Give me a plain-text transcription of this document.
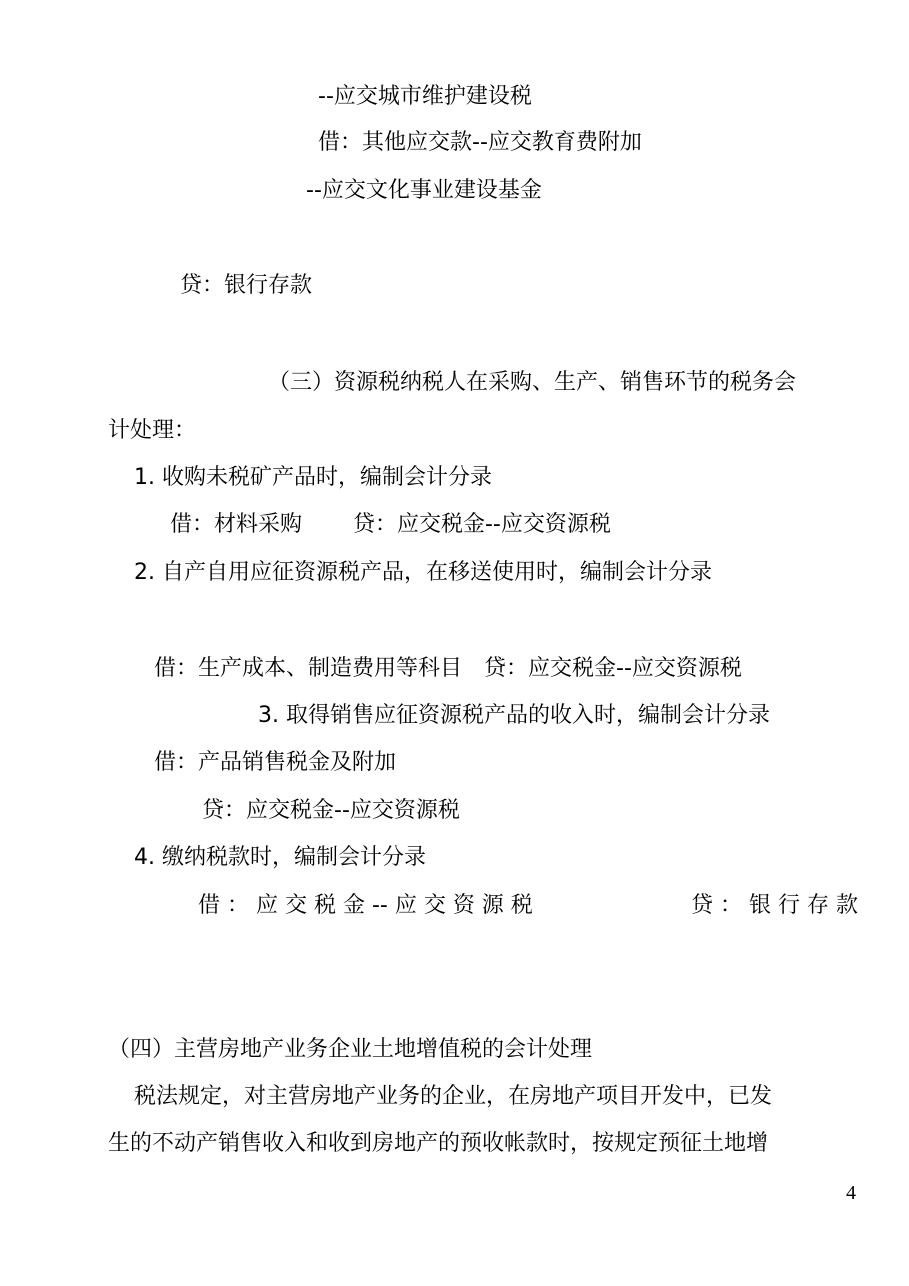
--应交城市维护建设税

借：其他应交款--应交教育费附加

--应交文化事业建设基金

贷：银行存款

（三）资源税纳税人在采购、生产、销售环节的税务会

计处理：

1. 收购未税矿产品时，编制会计分录

借：材料采购　　 贷：应交税金--应交资源税

2. 自产自用应征资源税产品，在移送使用时，编制会计分录

借：生产成本、制造费用等科目　贷：应交税金--应交资源税

3. 取得销售应征资源税产品的收入时，编制会计分录

借：产品销售税金及附加

贷：应交税金--应交资源税

4. 缴纳税款时，编制会计分录

借 ： 应 交 税 金 -- 应 交 资 源 税	贷 ： 银 行 存 款

（四）主营房地产业务企业土地增值税的会计处理

税法规定，对主营房地产业务的企业，在房地产项目开发中，已发

生的不动产销售收入和收到房地产的预收帐款时，按规定预征土地增

4
